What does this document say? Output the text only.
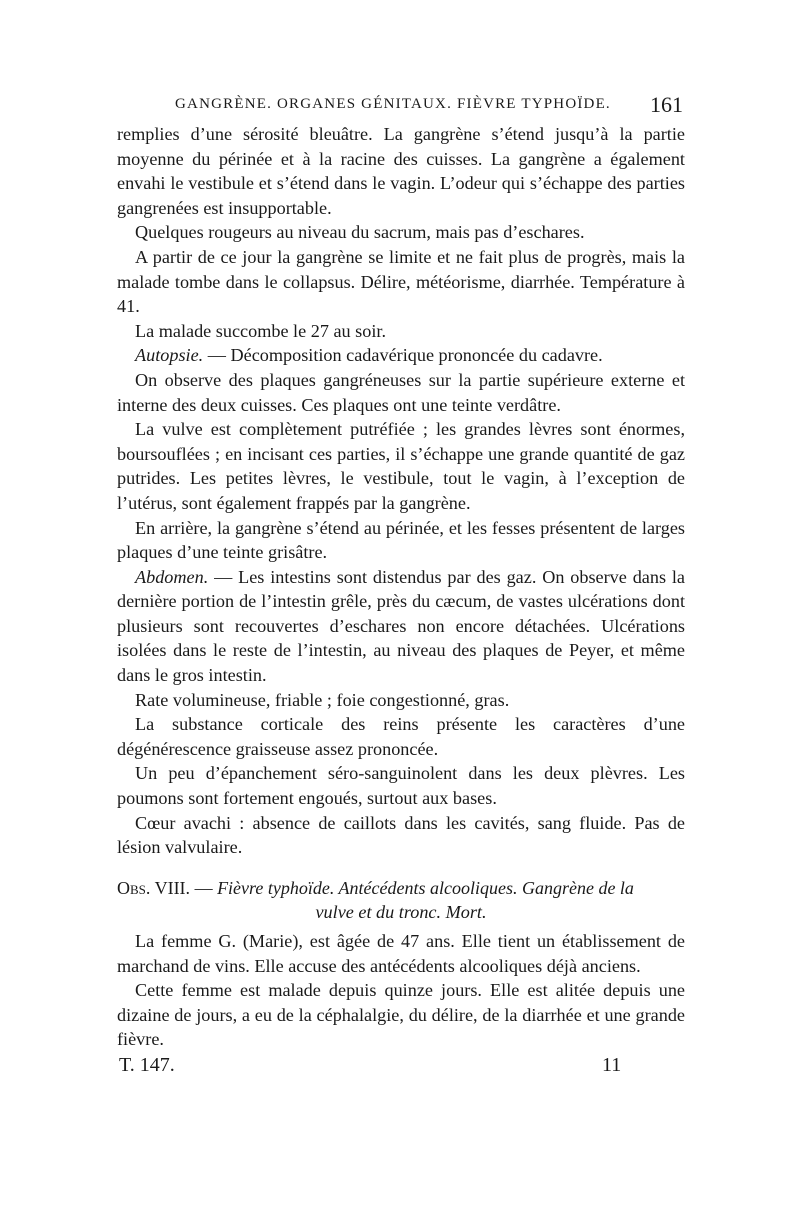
GANGRÈNE. ORGANES GÉNITAUX. FIÈVRE TYPHOÏDE. 161

remplies d’une sérosité bleuâtre. La gangrène s’étend jusqu’à la partie moyenne du périnée et à la racine des cuisses. La gangrène a également envahi le vestibule et s’étend dans le vagin. L’odeur qui s’échappe des parties gangrenées est insupportable.

Quelques rougeurs au niveau du sacrum, mais pas d’eschares.

A partir de ce jour la gangrène se limite et ne fait plus de progrès, mais la malade tombe dans le collapsus. Délire, météorisme, diarrhée. Température à 41.

La malade succombe le 27 au soir.

Autopsie. — Décomposition cadavérique prononcée du cadavre.

On observe des plaques gangréneuses sur la partie supérieure externe et interne des deux cuisses. Ces plaques ont une teinte verdâtre.

La vulve est complètement putréfiée ; les grandes lèvres sont énormes, boursouflées ; en incisant ces parties, il s’échappe une grande quantité de gaz putrides. Les petites lèvres, le vestibule, tout le vagin, à l’exception de l’utérus, sont également frappés par la gangrène.

En arrière, la gangrène s’étend au périnée, et les fesses présentent de larges plaques d’une teinte grisâtre.

Abdomen. — Les intestins sont distendus par des gaz. On observe dans la dernière portion de l’intestin grêle, près du cæcum, de vastes ulcérations dont plusieurs sont recouvertes d’eschares non encore détachées. Ulcérations isolées dans le reste de l’intestin, au niveau des plaques de Peyer, et même dans le gros intestin.

Rate volumineuse, friable ; foie congestionné, gras.

La substance corticale des reins présente les caractères d’une dégénérescence graisseuse assez prononcée.

Un peu d’épanchement séro-sanguinolent dans les deux plèvres. Les poumons sont fortement engoués, surtout aux bases.

Cœur avachi : absence de caillots dans les cavités, sang fluide. Pas de lésion valvulaire.

Obs. VIII. — Fièvre typhoïde. Antécédents alcooliques. Gangrène de la

vulve et du tronc. Mort.

La femme G. (Marie), est âgée de 47 ans. Elle tient un établissement de marchand de vins. Elle accuse des antécédents alcooliques déjà anciens.

Cette femme est malade depuis quinze jours. Elle est alitée depuis une dizaine de jours, a eu de la céphalalgie, du délire, de la diarrhée et une grande fièvre.

T. 147.	11
